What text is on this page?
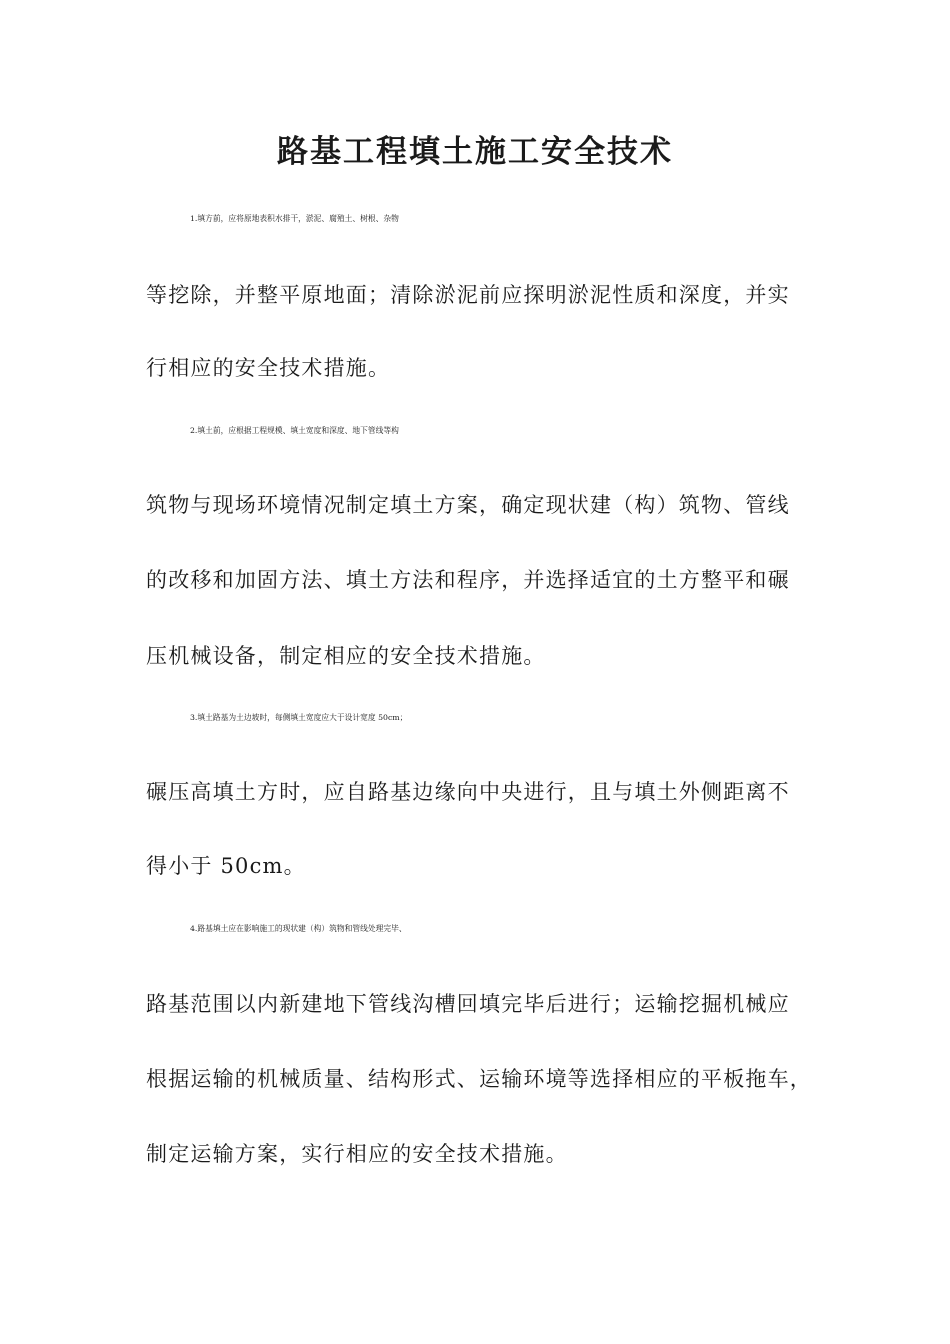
路基工程填土施工安全技术
1.填方前，应将原地表积水排干，淤泥、腐殖土、树根、杂物
等挖除，并整平原地面；清除淤泥前应探明淤泥性质和深度，并实
行相应的安全技术措施。
2.填土前，应根据工程规模、填土宽度和深度、地下管线等构
筑物与现场环境情况制定填土方案，确定现状建（构）筑物、管线
的改移和加固方法、填土方法和程序，并选择适宜的土方整平和碾
压机械设备，制定相应的安全技术措施。
3.填土路基为土边坡时，每侧填土宽度应大于设计宽度 50cm；
碾压高填土方时，应自路基边缘向中央进行，且与填土外侧距离不
得小于 50cm。
4.路基填土应在影响施工的现状建（构）筑物和管线处理完毕、
路基范围以内新建地下管线沟槽回填完毕后进行；运输挖掘机械应
根据运输的机械质量、结构形式、运输环境等选择相应的平板拖车，
制定运输方案，实行相应的安全技术措施。
